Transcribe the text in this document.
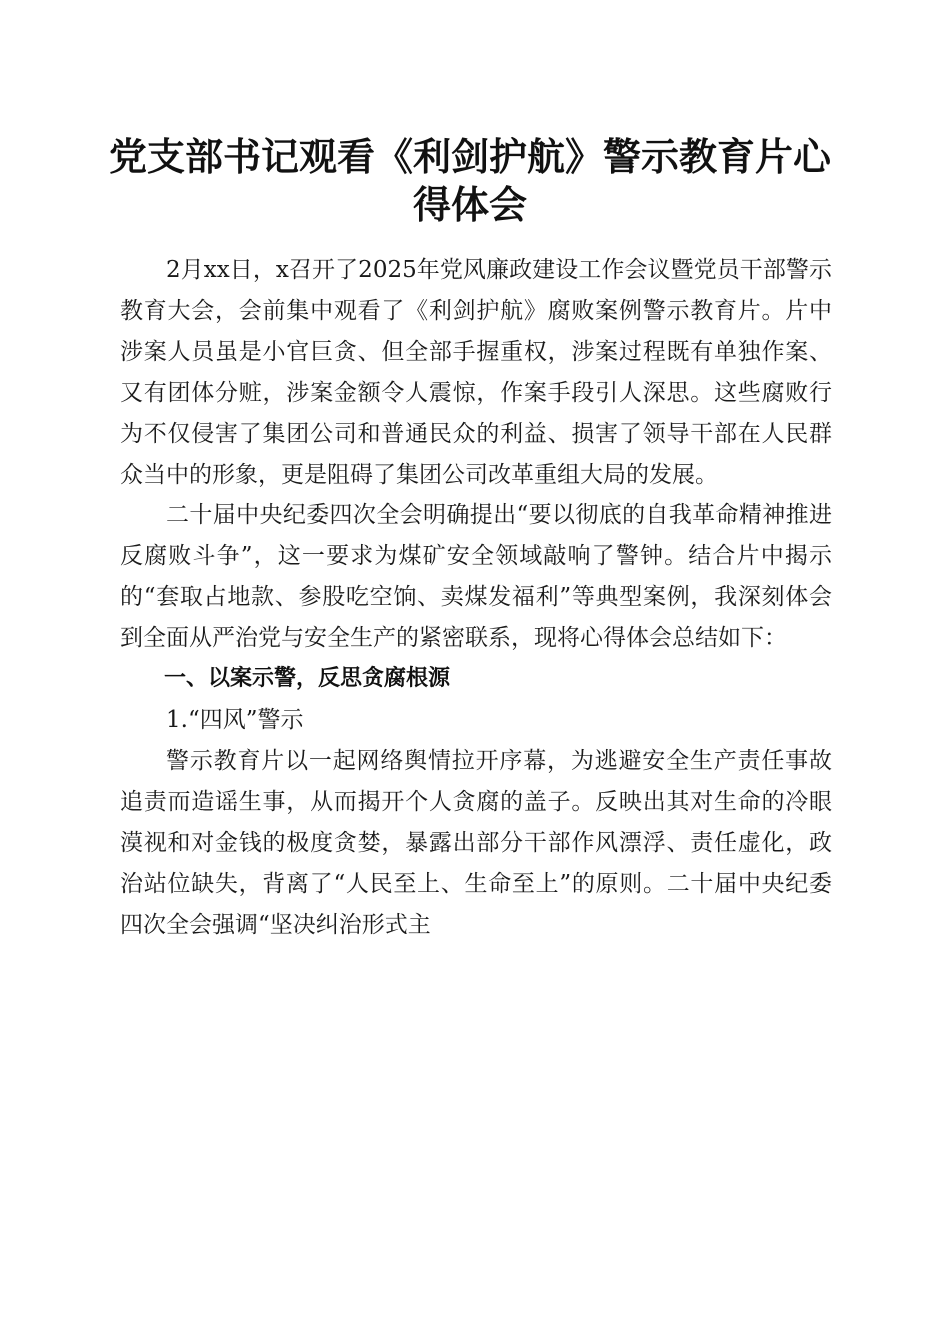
党支部书记观看《利剑护航》警示教育片心得体会

2月xx日，x召开了2025年党风廉政建设工作会议暨党员干部警示教育大会，会前集中观看了《利剑护航》腐败案例警示教育片。片中涉案人员虽是小官巨贪、但全部手握重权，涉案过程既有单独作案、又有团体分赃，涉案金额令人震惊，作案手段引人深思。这些腐败行为不仅侵害了集团公司和普通民众的利益、损害了领导干部在人民群众当中的形象，更是阻碍了集团公司改革重组大局的发展。

二十届中央纪委四次全会明确提出“要以彻底的自我革命精神推进反腐败斗争”，这一要求为煤矿安全领域敲响了警钟。结合片中揭示的“套取占地款、参股吃空饷、卖煤发福利”等典型案例，我深刻体会到全面从严治党与安全生产的紧密联系，现将心得体会总结如下：

一、以案示警，反思贪腐根源

1.“四风”警示

警示教育片以一起网络舆情拉开序幕，为逃避安全生产责任事故追责而造谣生事，从而揭开个人贪腐的盖子。反映出其对生命的冷眼漠视和对金钱的极度贪婪，暴露出部分干部作风漂浮、责任虚化，政治站位缺失，背离了“人民至上、生命至上”的原则。二十届中央纪委四次全会强调“坚决纠治形式主
